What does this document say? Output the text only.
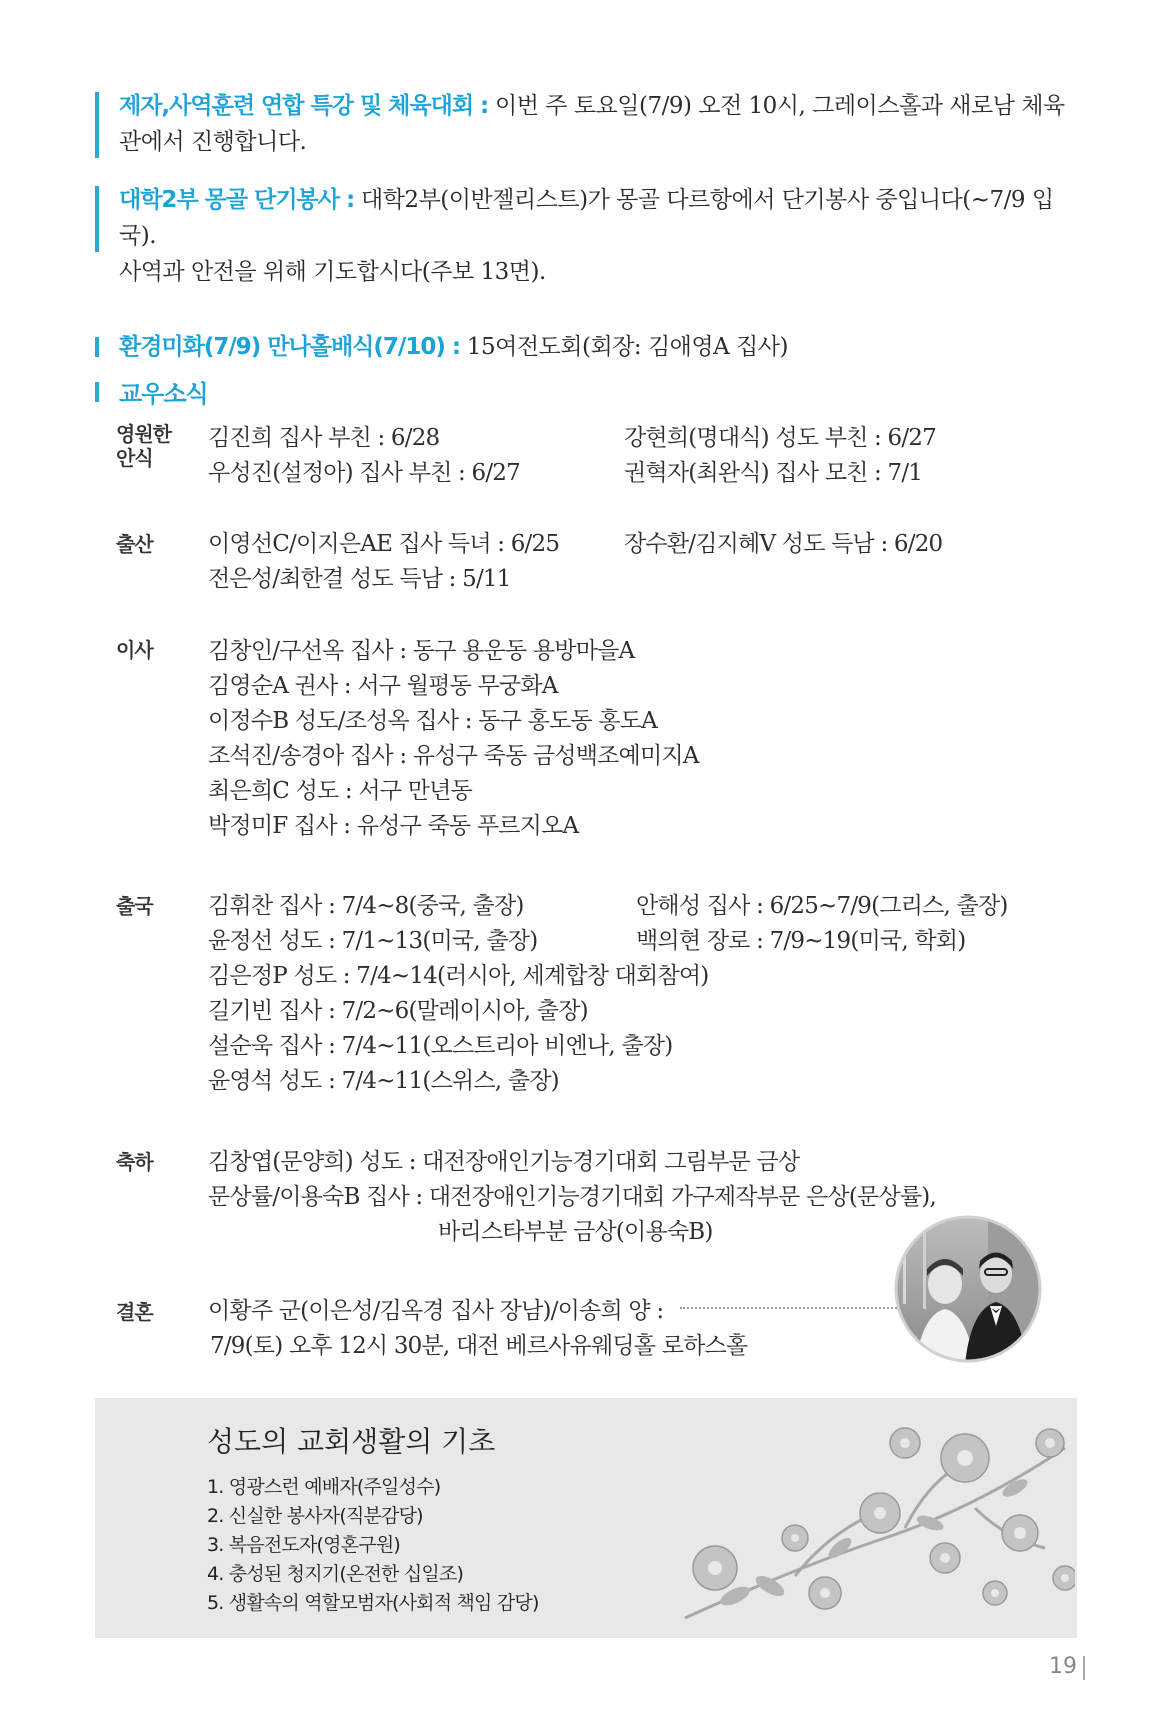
제자,사역훈련 연합 특강 및 체육대회 : 이번 주 토요일(7/9) 오전 10시, 그레이스홀과 새로남 체육
관에서 진행합니다.
대학2부 몽골 단기봉사 : 대학2부(이반젤리스트)가 몽골 다르항에서 단기봉사 중입니다(~7/9 입국).
사역과 안전을 위해 기도합시다(주보 13면).
환경미화(7/9) 만나홀배식(7/10) : 15여전도회(회장: 김애영A 집사)
교우소식
영원한
안식
김진희 집사 부친 : 6/28	강현희(명대식) 성도 부친 : 6/27
우성진(설정아) 집사 부친 : 6/27	권혁자(최완식) 집사 모친 : 7/1
출산	이영선C/이지은AE 집사 득녀 : 6/25	장수환/김지혜V 성도 득남 : 6/20
전은성/최한결 성도 득남 : 5/11
이사	김창인/구선옥 집사 : 동구 용운동 용방마을A
김영순A 권사 : 서구 월평동 무궁화A
이정수B 성도/조성옥 집사 : 동구 홍도동 홍도A
조석진/송경아 집사 : 유성구 죽동 금성백조예미지A
최은희C 성도 : 서구 만년동
박정미F 집사 : 유성구 죽동 푸르지오A
출국	김휘찬 집사 : 7/4~8(중국, 출장)	안해성 집사 : 6/25~7/9(그리스, 출장)
윤정선 성도 : 7/1~13(미국, 출장)	백의현 장로 : 7/9~19(미국, 학회)
김은정P 성도 : 7/4~14(러시아, 세계합창 대회참여)
길기빈 집사 : 7/2~6(말레이시아, 출장)
설순욱 집사 : 7/4~11(오스트리아 비엔나, 출장)
윤영석 성도 : 7/4~11(스위스, 출장)
축하	김창엽(문양희) 성도 : 대전장애인기능경기대회 그림부문 금상
문상률/이용숙B 집사 : 대전장애인기능경기대회 가구제작부문 은상(문상률),
바리스타부분 금상(이용숙B)
결혼	이황주 군(이은성/김옥경 집사 장남)/이송희 양 :
7/9(토) 오후 12시 30분, 대전 베르사유웨딩홀 로하스홀
성도의 교회생활의 기초
1. 영광스런 예배자(주일성수)
2. 신실한 봉사자(직분감당)
3. 복음전도자(영혼구원)
4. 충성된 청지기(온전한 십일조)
5. 생활속의 역할모범자(사회적 책임 감당)
19
